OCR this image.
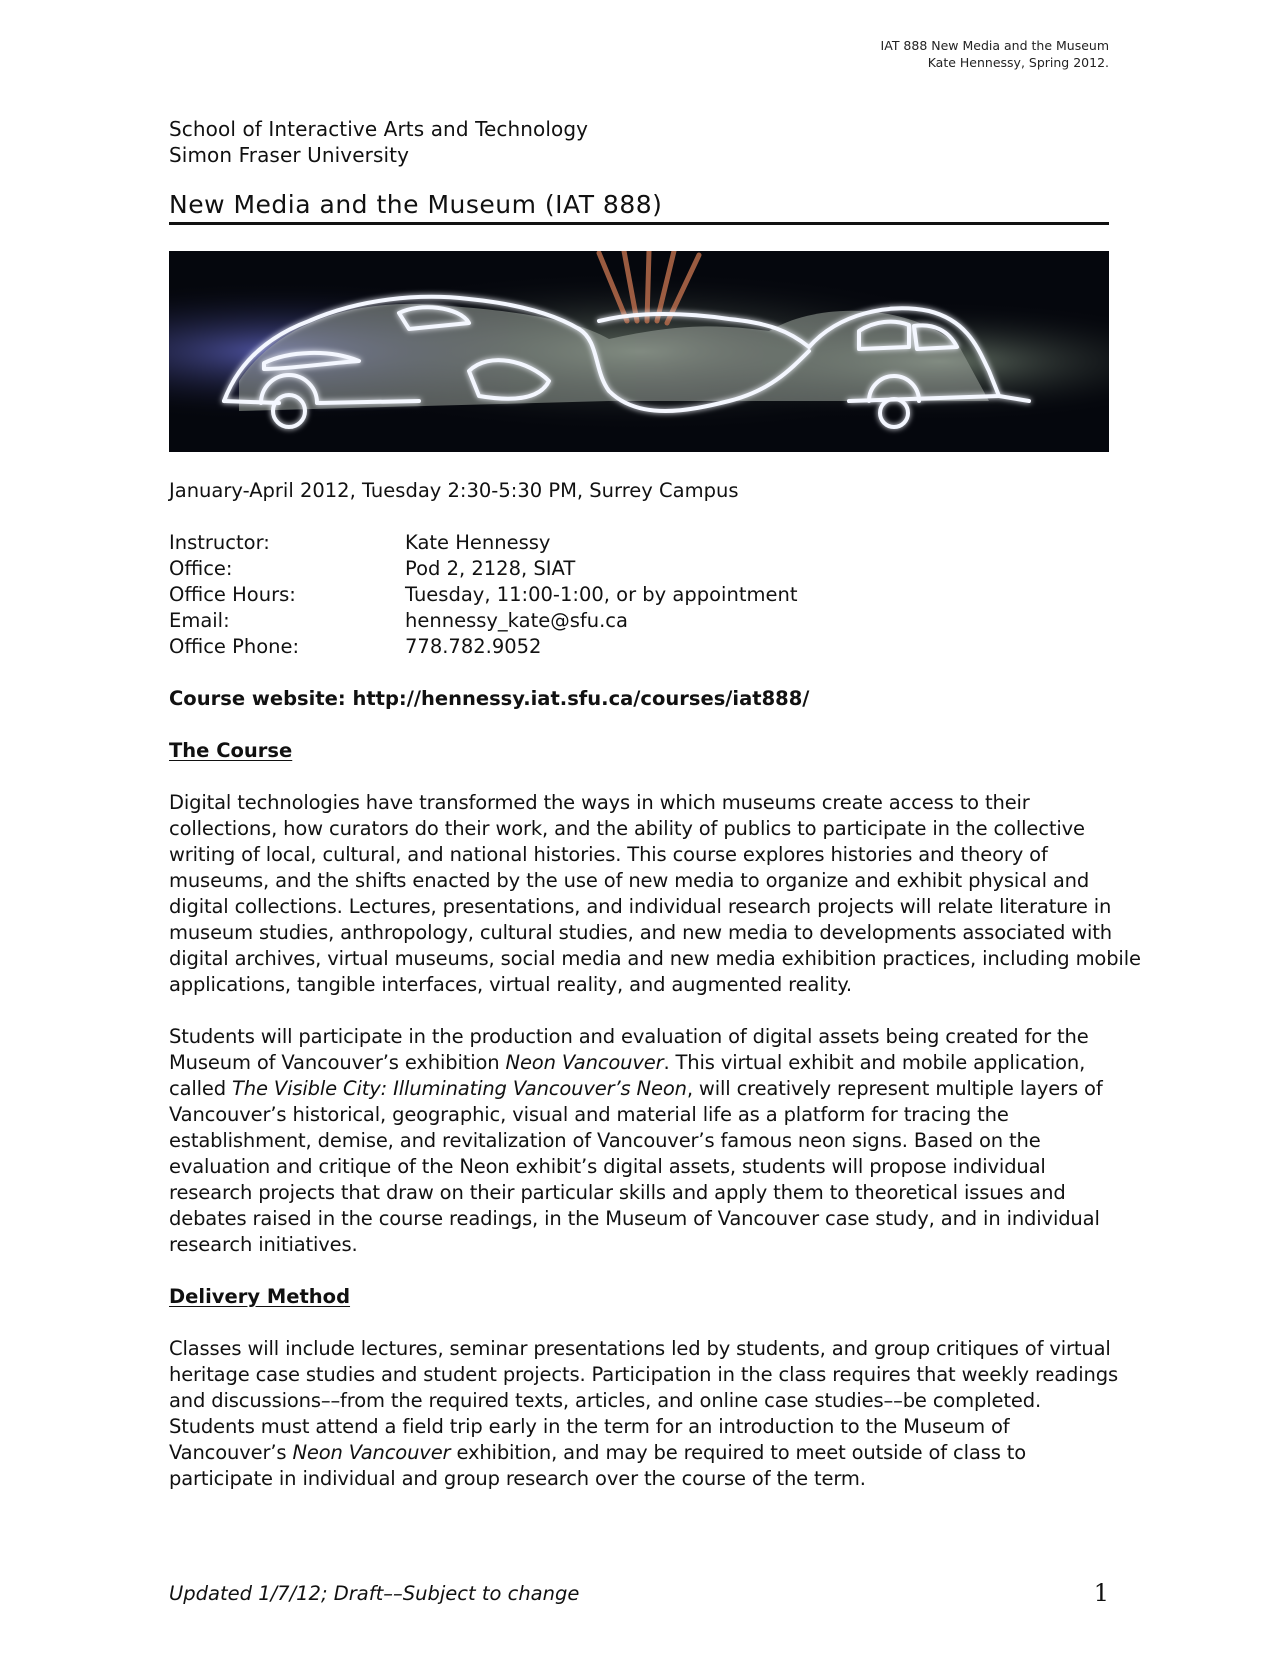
IAT 888 New Media and the Museum
Kate Hennessy, Spring 2012.
School of Interactive Arts and Technology
Simon Fraser University
New Media and the Museum (IAT 888)
January-April 2012, Tuesday 2:30-5:30 PM, Surrey Campus
Instructor:	Kate Hennessy
Office:	Pod 2, 2128, SIAT
Office Hours:	Tuesday, 11:00-1:00, or by appointment
Email:	hennessy_kate@sfu.ca
Office Phone:	778.782.9052
Course website: http://hennessy.iat.sfu.ca/courses/iat888/
The Course
Digital technologies have transformed the ways in which museums create access to their
collections, how curators do their work, and the ability of publics to participate in the collective
writing of local, cultural, and national histories. This course explores histories and theory of
museums, and the shifts enacted by the use of new media to organize and exhibit physical and
digital collections. Lectures, presentations, and individual research projects will relate literature in
museum studies, anthropology, cultural studies, and new media to developments associated with
digital archives, virtual museums, social media and new media exhibition practices, including mobile
applications, tangible interfaces, virtual reality, and augmented reality.
Students will participate in the production and evaluation of digital assets being created for the
Museum of Vancouver’s exhibition Neon Vancouver. This virtual exhibit and mobile application,
called The Visible City: Illuminating Vancouver’s Neon, will creatively represent multiple layers of
Vancouver’s historical, geographic, visual and material life as a platform for tracing the
establishment, demise, and revitalization of Vancouver’s famous neon signs. Based on the
evaluation and critique of the Neon exhibit’s digital assets, students will propose individual
research projects that draw on their particular skills and apply them to theoretical issues and
debates raised in the course readings, in the Museum of Vancouver case study, and in individual
research initiatives.
Delivery Method
Classes will include lectures, seminar presentations led by students, and group critiques of virtual
heritage case studies and student projects. Participation in the class requires that weekly readings
and discussions––from the required texts, articles, and online case studies––be completed.
Students must attend a field trip early in the term for an introduction to the Museum of
Vancouver’s Neon Vancouver exhibition, and may be required to meet outside of class to
participate in individual and group research over the course of the term.
Updated 1/7/12; Draft––Subject to change	1
